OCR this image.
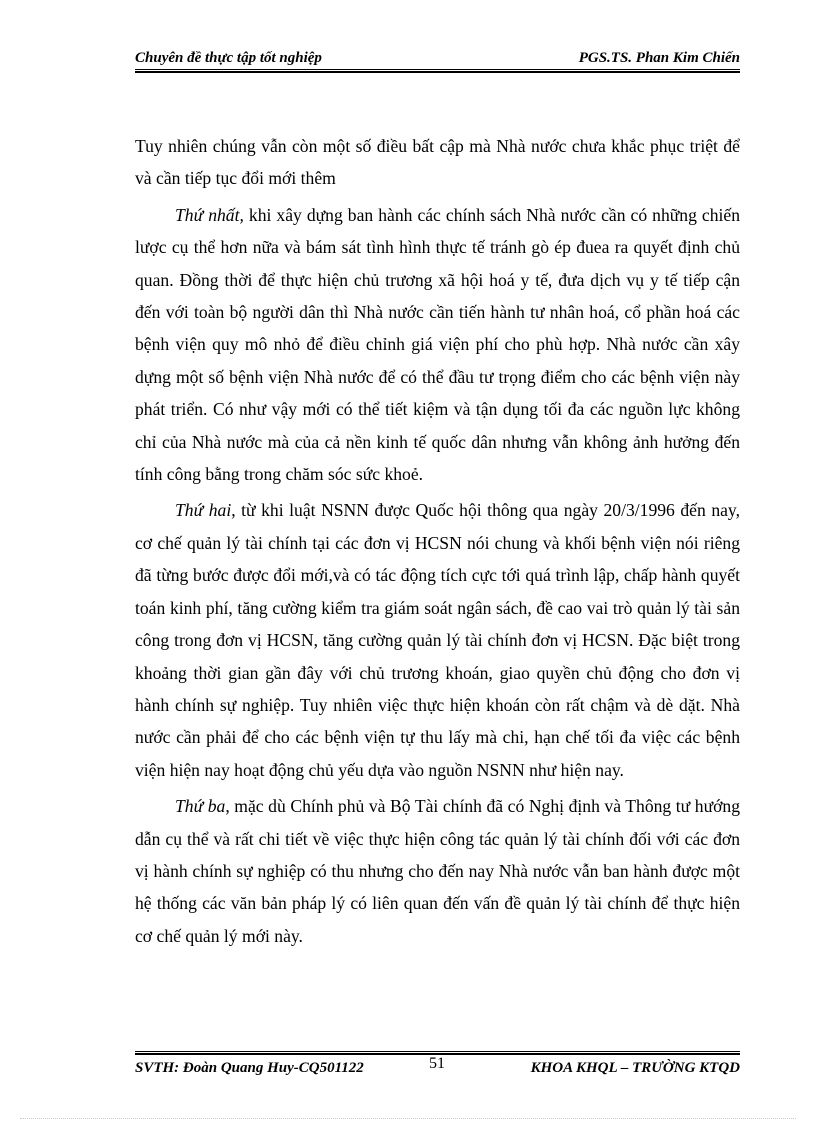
Chuyên đề thực tập tốt nghiệp	PGS.TS. Phan Kim Chiến

Tuy nhiên chúng vẫn còn một số điều bất cập mà Nhà nước chưa khắc phục triệt để và cần tiếp tục đổi mới thêm

Thứ nhất, khi xây dựng ban hành các chính sách Nhà nước cần có những chiến lược cụ thể hơn nữa và bám sát tình hình thực tế tránh gò ép đuea ra quyết định chủ quan. Đồng thời để thực hiện chủ trương xã hội hoá y tế, đưa dịch vụ y tế tiếp cận đến với toàn bộ người dân thì Nhà nước cần tiến hành tư nhân hoá, cổ phần hoá các bệnh viện quy mô nhỏ để điều chỉnh giá viện phí cho phù hợp. Nhà nước cần xây dựng một số bệnh viện Nhà nước để có thể đầu tư trọng điểm cho các bệnh viện này phát triển. Có như vậy mới có thể tiết kiệm và tận dụng tối đa các nguồn lực không chỉ của Nhà nước mà của cả nền kinh tế quốc dân nhưng vẫn không ảnh hưởng đến tính công bằng trong chăm sóc sức khoẻ.

Thứ hai, từ khi luật NSNN được Quốc hội thông qua ngày 20/3/1996 đến nay, cơ chế quản lý tài chính tại các đơn vị HCSN nói chung và khối bệnh viện nói riêng đã từng bước được đổi mới,và có tác động tích cực tới quá trình lập, chấp hành quyết toán kinh phí, tăng cường kiểm tra giám soát ngân sách, đề cao vai trò quản lý tài sản công trong đơn vị HCSN, tăng cường quản lý tài chính đơn vị HCSN. Đặc biệt trong khoảng thời gian gần đây với chủ trương khoán, giao quyền chủ động cho đơn vị hành chính sự nghiệp. Tuy nhiên việc thực hiện khoán còn rất chậm và dè dặt. Nhà nước cần phải để cho các bệnh viện tự thu lấy mà chi, hạn chế tối đa việc các bệnh viện hiện nay hoạt động chủ yếu dựa vào nguồn NSNN như hiện nay.

Thứ ba, mặc dù Chính phủ và Bộ Tài chính đã có Nghị định và Thông tư hướng dẫn cụ thể và rất chi tiết về việc thực hiện công tác quản lý tài chính đối với các đơn vị hành chính sự nghiệp có thu nhưng cho đến nay Nhà nước vẫn ban hành được một hệ thống các văn bản pháp lý có liên quan đến vấn đề quản lý tài chính để thực hiện cơ chế quản lý mới này.

SVTH: Đoàn Quang Huy-CQ501122	51	KHOA KHQL – TRƯỜNG KTQD
